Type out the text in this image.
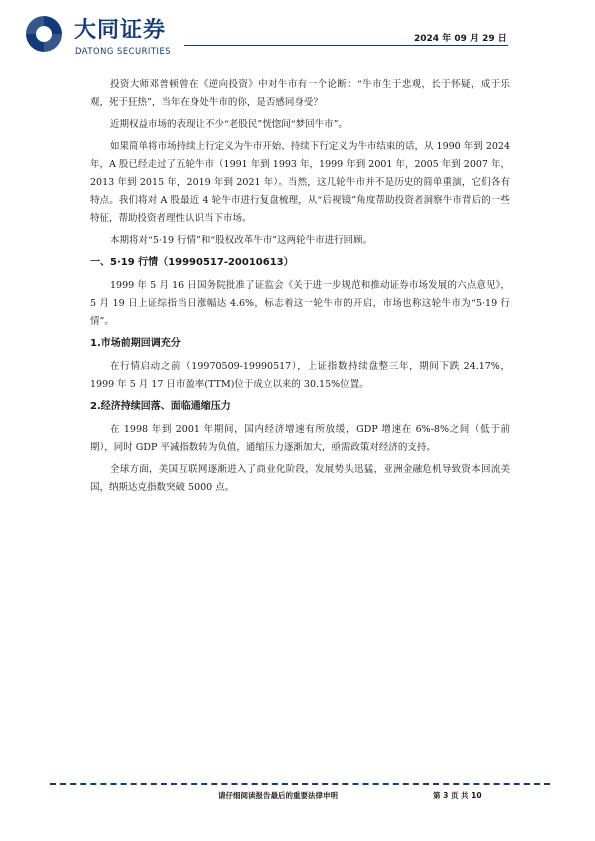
大同证券
DATONG SECURITIES
2024 年 09 月 29 日

投资大师邓普顿曾在《逆向投资》中对牛市有一个论断：“牛市生于悲观，长于怀疑，成于乐观，死于狂热”，当年在身处牛市的你，是否感同身受？

近期权益市场的表现让不少“老股民”恍惚间“梦回牛市”。

如果简单将市场持续上行定义为牛市开始、持续下行定义为牛市结束的话，从 1990 年到 2024 年，A 股已经走过了五轮牛市（1991 年到 1993 年，1999 年到 2001 年，2005 年到 2007 年，2013 年到 2015 年，2019 年到 2021 年）。当然，这几轮牛市并不是历史的简单重演，它们各有特点。我们将对 A 股最近 4 轮牛市进行复盘梳理，从“后视镜”角度帮助投资者洞察牛市背后的一些特征，帮助投资者理性认识当下市场。

本期将对“5·19 行情”和“股权改革牛市”这两轮牛市进行回顾。

一、5·19 行情（19990517-20010613）

1999 年 5 月 16 日国务院批准了证监会《关于进一步规范和推动证券市场发展的六点意见》，5 月 19 日上证综指当日涨幅达 4.6%，标志着这一轮牛市的开启，市场也称这轮牛市为“5·19 行情”。

1.市场前期回调充分

在行情启动之前（19970509-19990517），上证指数持续盘整三年，期间下跌 24.17%，1999 年 5 月 17 日市盈率(TTM)位于成立以来的 30.15%位置。

2.经济持续回落、面临通缩压力

在 1998 年到 2001 年期间，国内经济增速有所放缓，GDP 增速在 6%-8%之间（低于前期），同时 GDP 平减指数转为负值，通缩压力逐渐加大，亟需政策对经济的支持。

全球方面，美国互联网逐渐进入了商业化阶段，发展势头迅猛，亚洲金融危机导致资本回流美国，纳斯达克指数突破 5000 点。

请仔细阅读报告最后的重要法律申明	第 3 页 共 10
